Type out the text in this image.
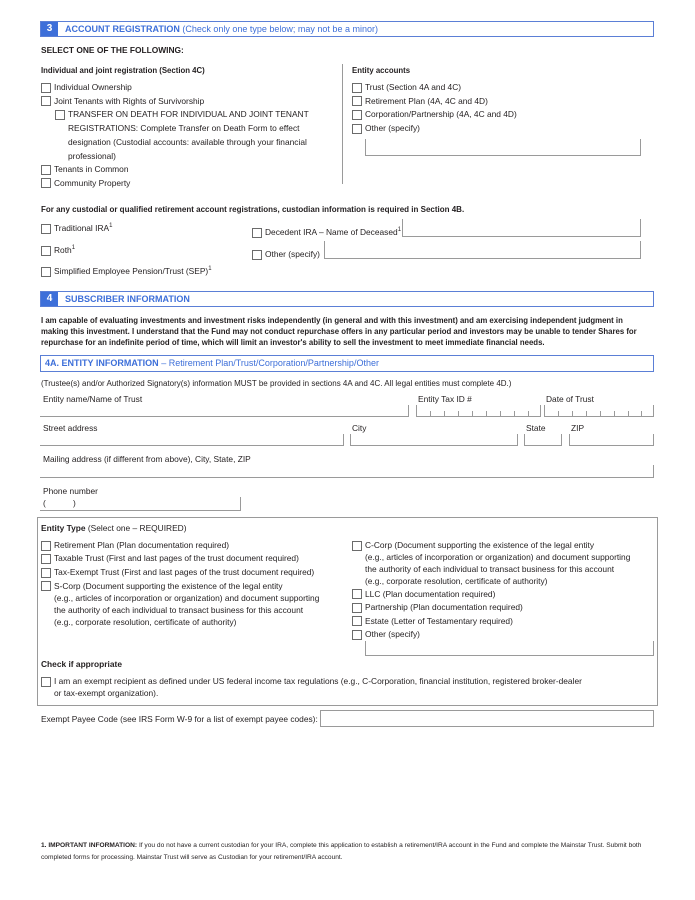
3	ACCOUNT REGISTRATION (Check only one type below; may not be a minor)
SELECT ONE OF THE FOLLOWING:
Individual and joint registration (Section 4C)	Entity accounts
Individual Ownership
Joint Tenants with Rights of Survivorship
TRANSFER ON DEATH FOR INDIVIDUAL AND JOINT TENANT
REGISTRATIONS: Complete Transfer on Death Form to effect
designation (Custodial accounts: available through your financial
professional)
Tenants in Common
Community Property
Trust (Section 4A and 4C)
Retirement Plan (4A, 4C and 4D)
Corporation/Partnership (4A, 4C and 4D)
Other (specify)
For any custodial or qualified retirement account registrations, custodian information is required in Section 4B.
Traditional IRA$^1$
Roth$^1$
Simplified Employee Pension/Trust (SEP)$^1$
Decedent IRA – Name of Deceased$^1$
Other (specify)
4	SUBSCRIBER INFORMATION
I am capable of evaluating investments and investment risks independently (in general and with this investment) and am exercising independent judgment in
making this investment. I understand that the Fund may not conduct repurchase offers in any particular period and investors may be unable to tender Shares for
repurchase for an indefinite period of time, which will limit an investor's ability to sell the investment to meet immediate financial needs.
4A. ENTITY INFORMATION – Retirement Plan/Trust/Corporation/Partnership/Other
(Trustee(s) and/or Authorized Signatory(s) information MUST be provided in sections 4A and 4C. All legal entities must complete 4D.)
Entity name/Name of Trust	Entity Tax ID #	Date of Trust
Street address	City	State	ZIP
Mailing address (if different from above), City, State, ZIP
Phone number
(	)
Entity Type (Select one – REQUIRED)
Retirement Plan (Plan documentation required)
Taxable Trust (First and last pages of the trust document required)
Tax-Exempt Trust (First and last pages of the trust document required)
S-Corp (Document supporting the existence of the legal entity
(e.g., articles of incorporation or organization) and document supporting
the authority of each individual to transact business for this account
(e.g., corporate resolution, certificate of authority)
C-Corp (Document supporting the existence of the legal entity
(e.g., articles of incorporation or organization) and document supporting
the authority of each individual to transact business for this account
(e.g., corporate resolution, certificate of authority)
LLC (Plan documentation required)
Partnership (Plan documentation required)
Estate (Letter of Testamentary required)
Other (specify)
Check if appropriate
I am an exempt recipient as defined under US federal income tax regulations (e.g., C-Corporation, financial institution, registered broker-dealer
or tax-exempt organization).
Exempt Payee Code (see IRS Form W-9 for a list of exempt payee codes):
1. IMPORTANT INFORMATION: If you do not have a current custodian for your IRA, complete this application to establish a retirement/IRA account in the Fund and complete the Mainstar Trust. Submit both
completed forms for processing. Mainstar Trust will serve as Custodian for your retirement/IRA account.
